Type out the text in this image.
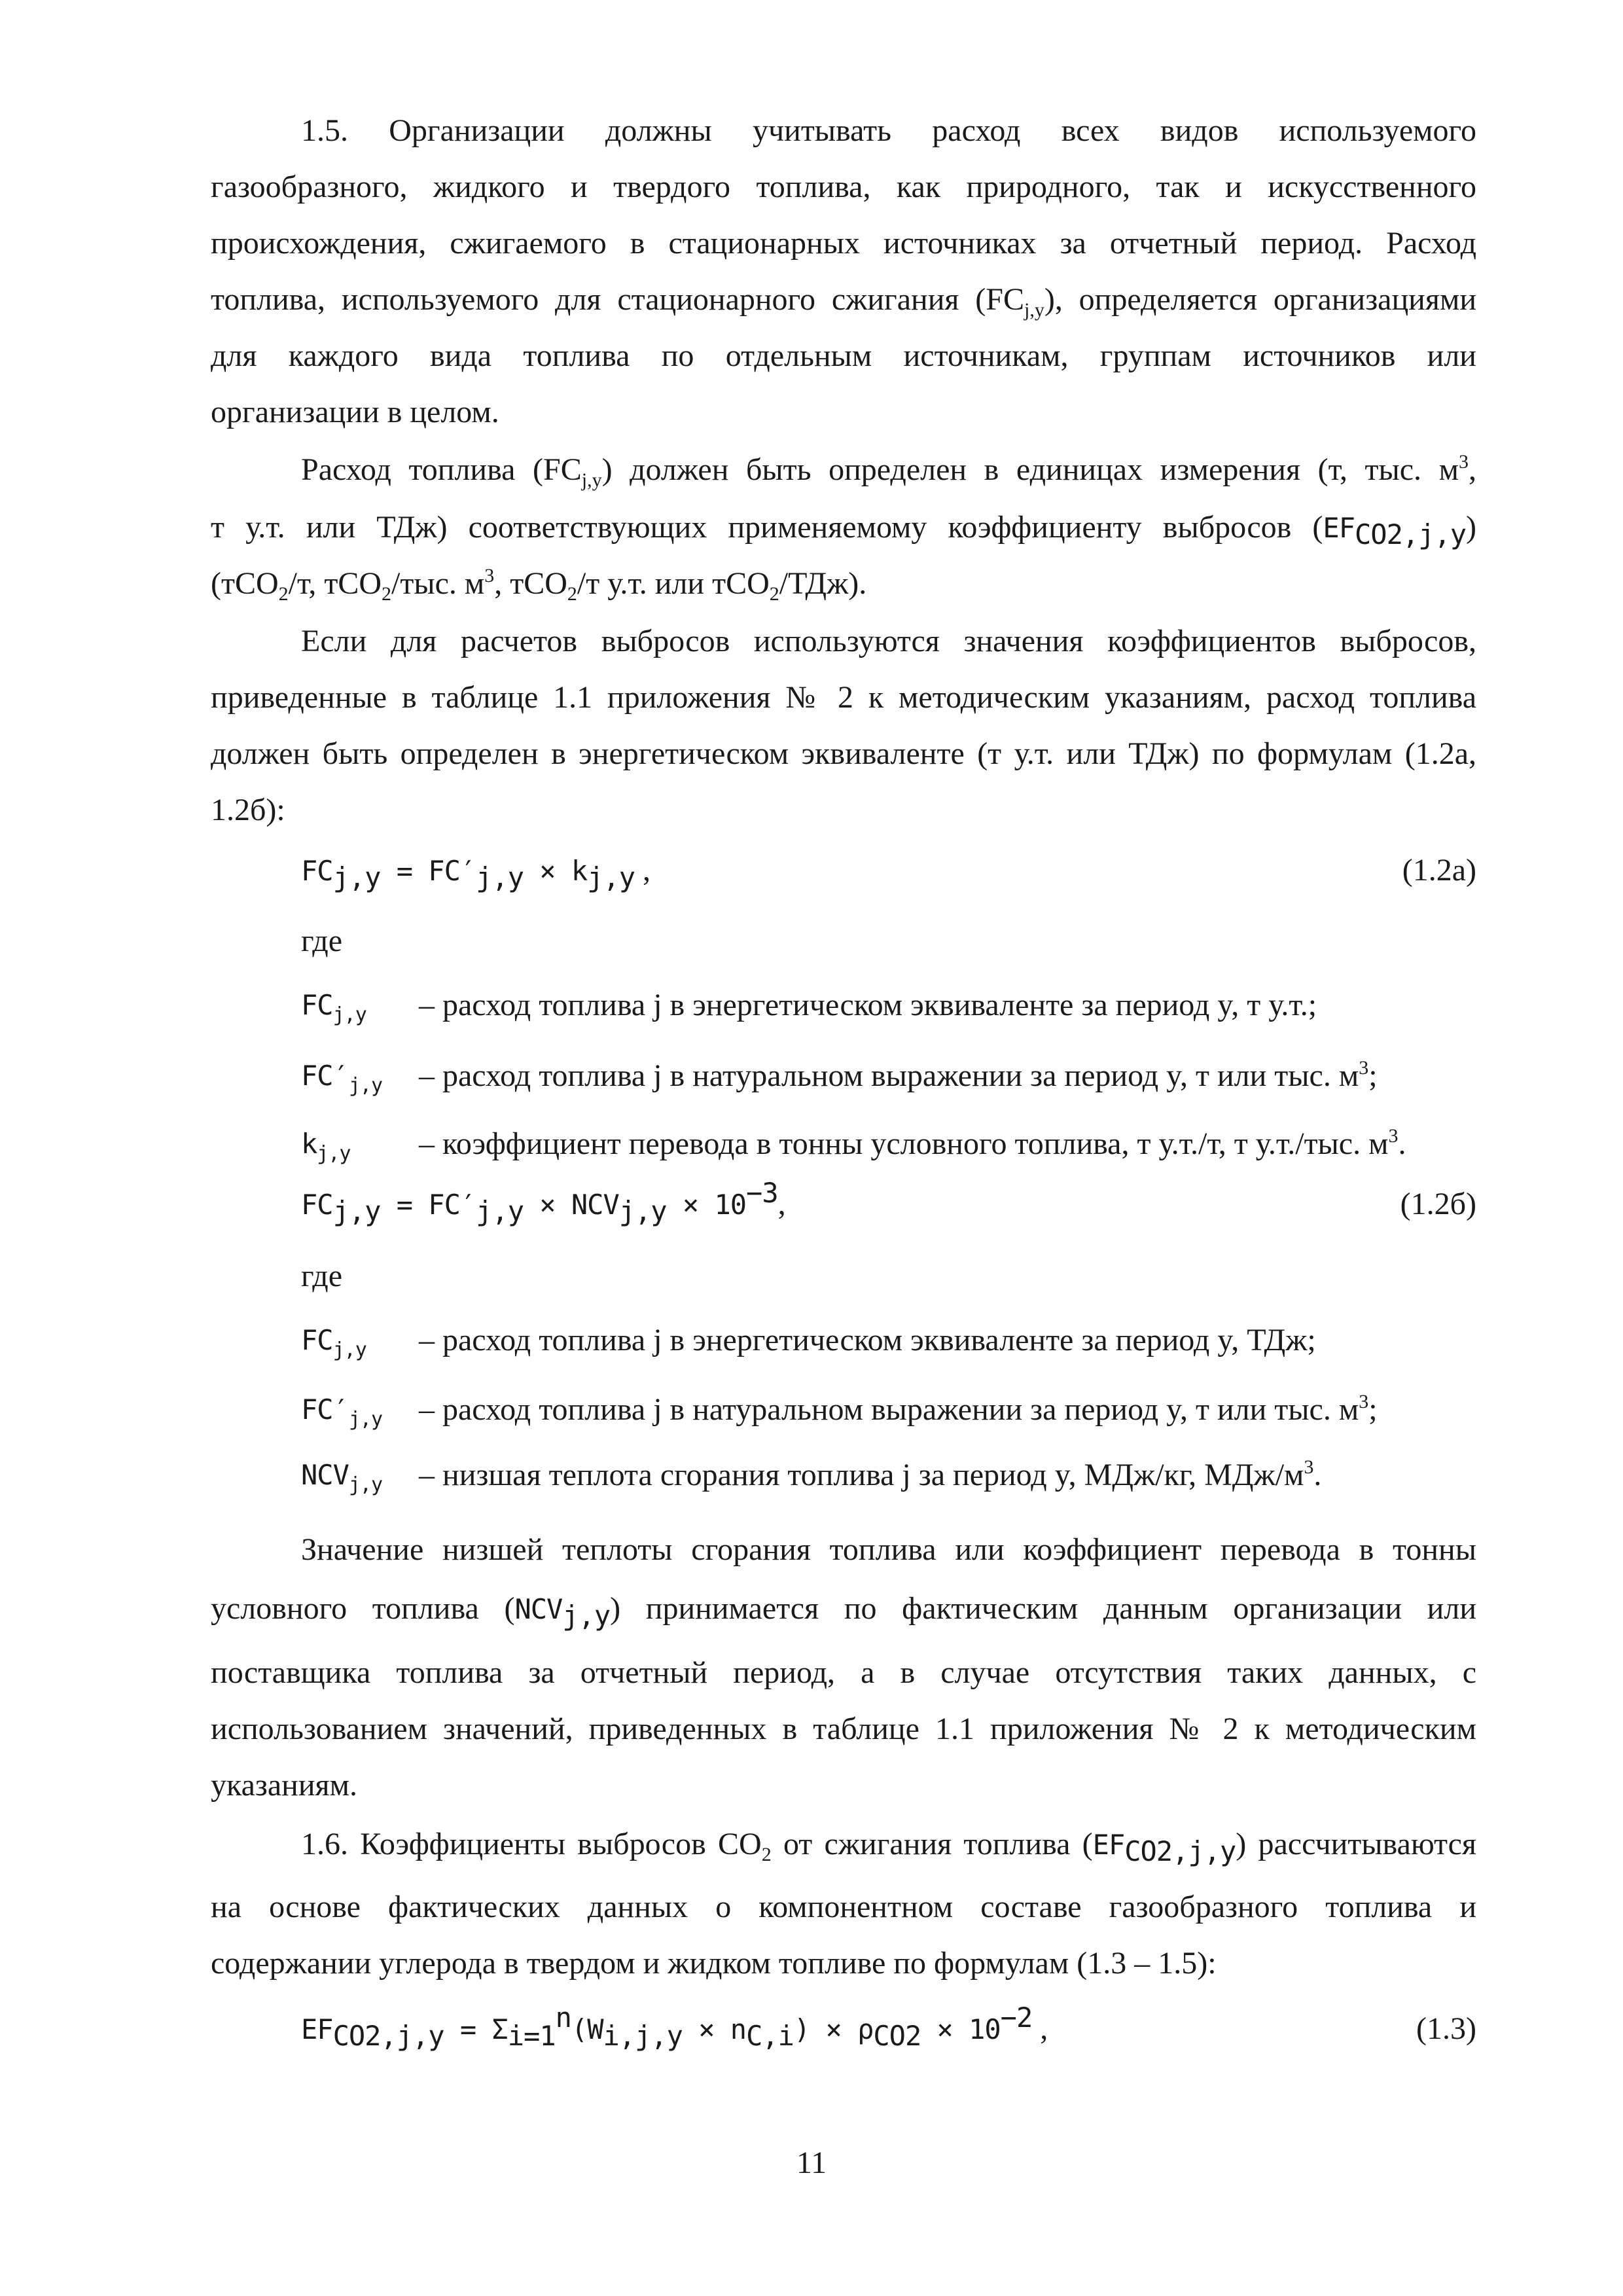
1.5. Организации должны учитывать расход всех видов используемого
газообразного, жидкого и твердого топлива, как природного, так и искусственного
происхождения, сжигаемого в стационарных источниках за отчетный период. Расход
топлива, используемого для стационарного сжигания $(FC_{j,y})$, определяется организациями
для каждого вида топлива по отдельным источникам, группам источников или
организации в целом.
Расход топлива $(FC_{j,y})$ должен быть определен в единицах измерения (т, тыс. $м^3$,
т у.т. или ТДж) соответствующих применяемому коэффициенту выбросов $(EF_{CO2,j,y})$
(тСО$_2$/т, тСО$_2$/тыс. $м^3$, тСО$_2$/т у.т. или тСО$_2$/ТДж).
Если для расчетов выбросов используются значения коэффициентов выбросов,
приведенные в таблице 1.1 приложения № 2 к методическим указаниям, расход топлива
должен быть определен в энергетическом эквиваленте (т у.т. или ТДж) по формулам (1.2а,
1.2б):
$FC_{j,y} = FC'_{j,y} \times k_{j,y}$ ,	(1.2а)
где
$FC_{j,y}$	– расход топлива j в энергетическом эквиваленте за период y, т у.т.;
$FC'_{j,y}$	– расход топлива j в натуральном выражении за период y, т или тыс. $м^3$;
$k_{j,y}$	– коэффициент перевода в тонны условного топлива, т у.т./т, т у.т./тыс. $м^3$.
$FC_{j,y} = FC'_{j,y} \times NCV_{j,y} \times 10^{-3}$,	(1.2б)
где
$FC_{j,y}$	– расход топлива j в энергетическом эквиваленте за период y, ТДж;
$FC'_{j,y}$	– расход топлива j в натуральном выражении за период y, т или тыс. $м^3$;
$NCV_{j,y}$	– низшая теплота сгорания топлива j за период y, МДж/кг, МДж/$м^3$.
Значение низшей теплоты сгорания топлива или коэффициент перевода в тонны
условного топлива $(NCV_{j,y})$ принимается по фактическим данным организации или
поставщика топлива за отчетный период, а в случае отсутствия таких данных, с
использованием значений, приведенных в таблице 1.1 приложения № 2 к методическим
указаниям.
1.6. Коэффициенты выбросов $СО_2$ от сжигания топлива $(EF_{CO2,j,y})$ рассчитываются
на основе фактических данных о компонентном составе газообразного топлива и
содержании углерода в твердом и жидком топливе по формулам (1.3 – 1.5):
$EF_{CO2,j,y} = \Sigma_{i=1}^n(W_{i,j,y} \times n_{C,i}) \times \rho_{CO2} \times 10^{-2}$ ,	(1.3)
11
